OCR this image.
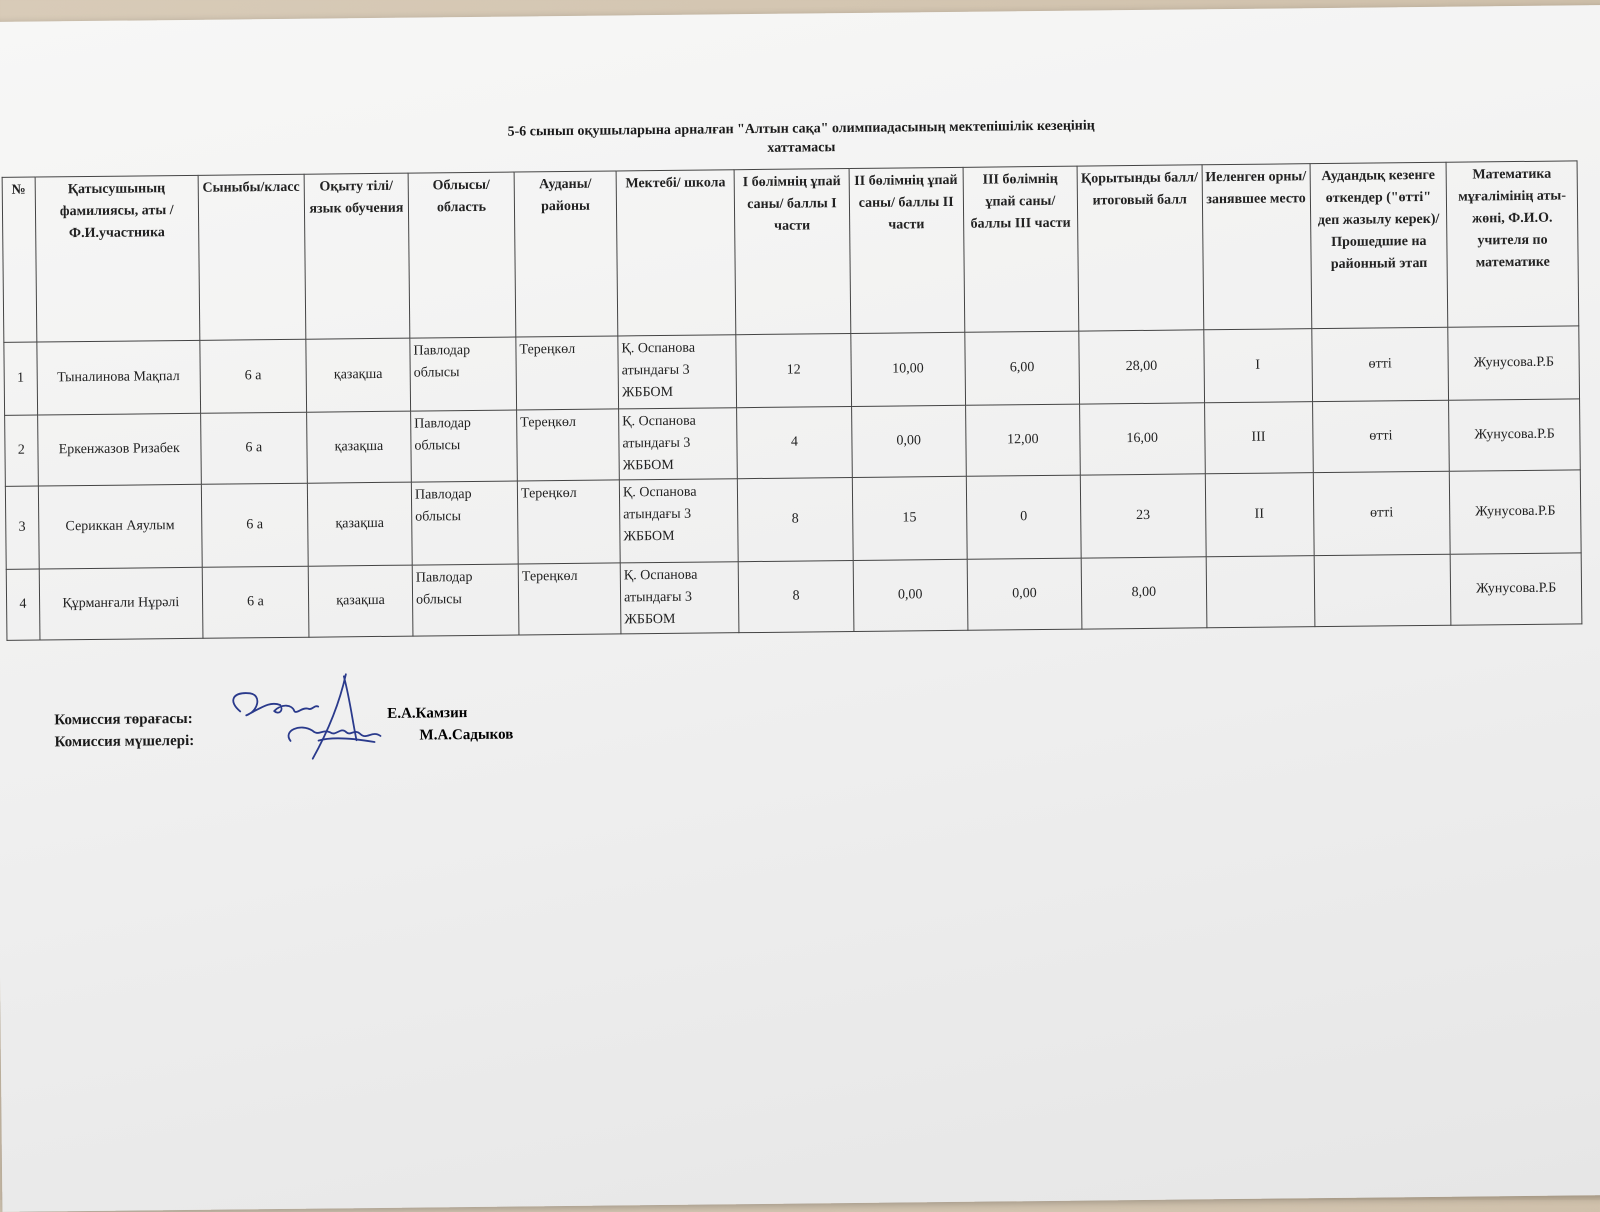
5-6 сынып оқушыларына арналған "Алтын сақа" олимпиадасының мектепішілік кезеңінің
хаттамасы
№	Қатысушының фамилиясы, аты /Ф.И.участника	Сыныбы/класс	Оқыту тілі/ язык обучения	Облысы/ область	Ауданы/ районы	Мектебі/ школа	І бөлімнің ұпай саны/ баллы І части	ІІ бөлімнің ұпай саны/ баллы ІІ части	ІІІ бөлімнің ұпай саны/ баллы ІІІ части	Қорытынды балл/ итоговый балл	Иеленген орны/ занявшее место	Аудандық кезенге өткендер ("өтті" деп жазылу керек)/ Прошедшие на районный этап	Математика мұғалімінің аты-жөні, Ф.И.О. учителя по математике
1	Тыналинова Мақпал	6 а	қазақша	Павлодар облысы	Тереңкөл	Қ. Оспанова атындағы 3 ЖББОМ	12	10,00	6,00	28,00	I	өтті	Жунусова.Р.Б
2	Еркенжазов Ризабек	6 а	қазақша	Павлодар облысы	Тереңкөл	Қ. Оспанова атындағы 3 ЖББОМ	4	0,00	12,00	16,00	III	өтті	Жунусова.Р.Б
3	Сериккан Аяулым	6 а	қазақша	Павлодар облысы	Тереңкөл	Қ. Оспанова атындағы 3 ЖББОМ	8	15	0	23	II	өтті	Жунусова.Р.Б
4	Құрманғали Нұрәлі	6 а	қазақша	Павлодар облысы	Тереңкөл	Қ. Оспанова атындағы 3 ЖББОМ	8	0,00	0,00	8,00			Жунусова.Р.Б
Комиссия төрағасы:
Комиссия мүшелері:
Е.А.Камзин
М.А.Садыков
